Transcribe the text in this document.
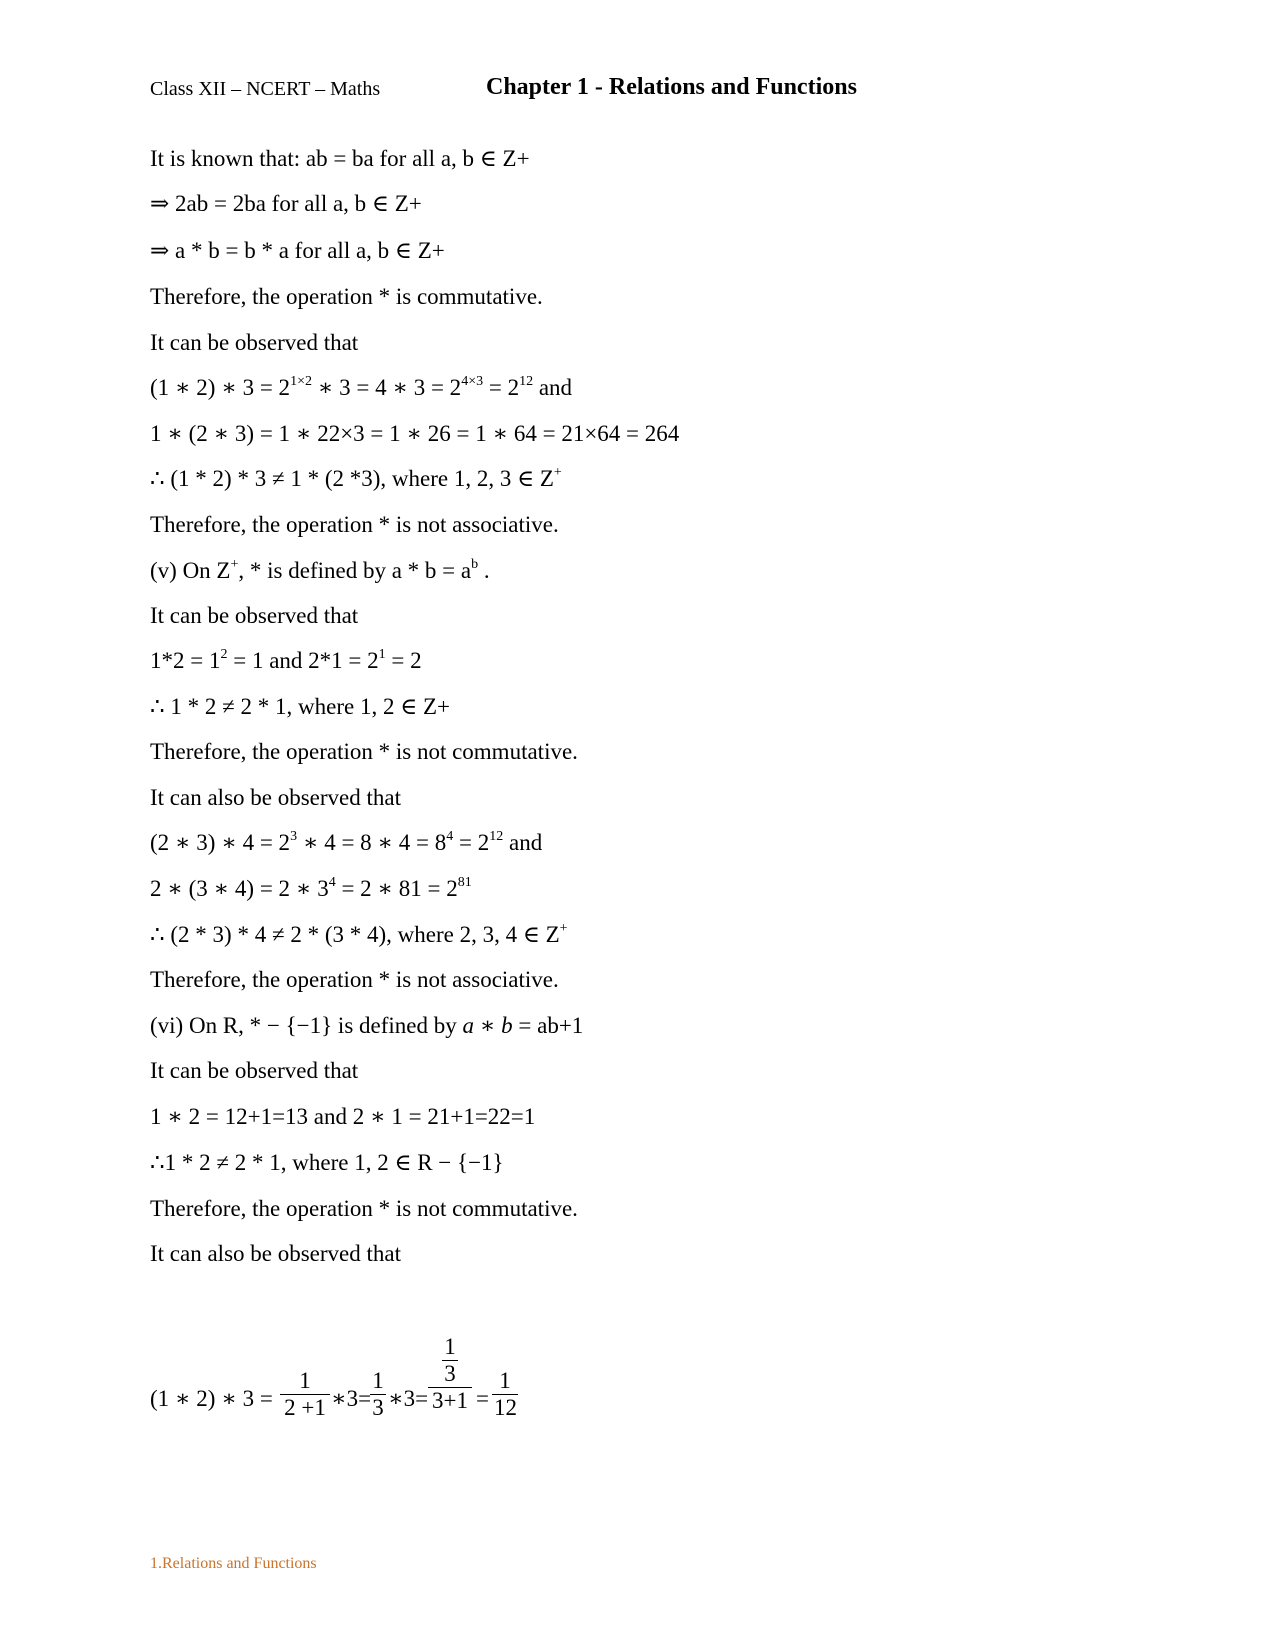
Class XII – NCERT – Maths	Chapter 1 - Relations and Functions
It is known that: ab = ba for all a, b ∈ Z+
⇒ 2ab = 2ba for all a, b ∈ Z+
⇒ a * b = b * a for all a, b ∈ Z+
Therefore, the operation * is commutative.
It can be observed that
(1 ∗ 2) ∗ $3 = 2^{1\times 2}$ ∗ 3 = 4 ∗ $3 = 2^{4\times 3} = 2^{12}$ and
1 ∗ (2 ∗ 3) = 1 ∗ 22×3 = 1 ∗ 26 = 1 ∗ 64 = 21×64 = 264
∴ (1 * 2) * 3 ≠ 1 * (2 *3), where 1, 2, 3 ∈ Z+
Therefore, the operation * is not associative.
(v) On Z+, * is defined by $a * b = a^b$ .
It can be observed that
$1*2 = 1^2 = 1$ and $2*1 = 2^1 = 2$
∴ 1 * 2 ≠ 2 * 1, where 1, 2 ∈ Z+
Therefore, the operation * is not commutative.
It can also be observed that
(2 ∗ 3) ∗ $4 = 2^3$ ∗ 4 = 8 ∗ $4 = 8^4 = 2^{12}$ and
2 ∗ (3 ∗ 4) = 2 ∗ $3^4 = 2$ ∗ $81 = 2^{81}$
∴ (2 * 3) * 4 ≠ 2 * (3 * 4), where 2, 3, 4 ∈ Z+
Therefore, the operation * is not associative.
(vi) On R, * − {−1} is defined by a ∗ b = ab+1
It can be observed that
1 ∗ 2 = 12+1=13 and 2 ∗ 1 = 21+1=22=1
∴1 * 2 ≠ 2 * 1, where 1, 2 ∈ R − {−1}
Therefore, the operation * is not commutative.
It can also be observed that
(1 ∗ 2) ∗ 3 =
1
2 +1 ∗3=
1
3 ∗3=
1
3
3+1 =
1
12
1.Relations and Functions
